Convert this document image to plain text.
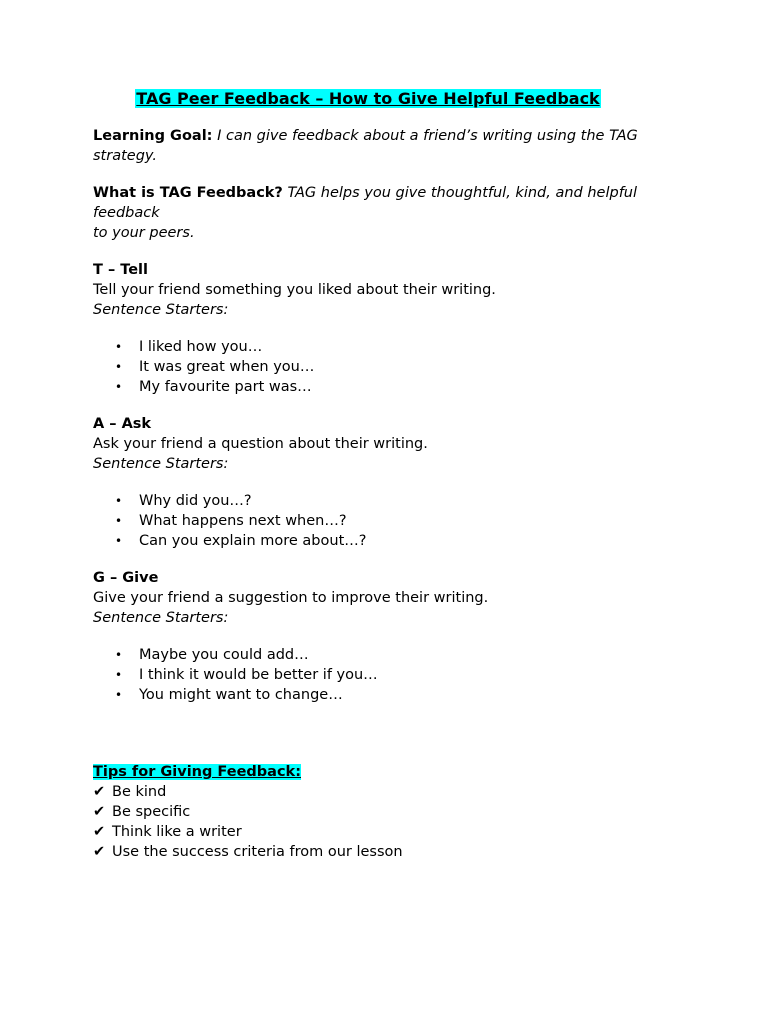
TAG Peer Feedback – How to Give Helpful Feedback

Learning Goal: I can give feedback about a friend’s writing using the TAG strategy.

What is TAG Feedback? TAG helps you give thoughtful, kind, and helpful feedback
to your peers.

T – Tell
Tell your friend something you liked about their writing.
Sentence Starters:
• I liked how you…
• It was great when you…
• My favourite part was…
A – Ask
Ask your friend a question about their writing.
Sentence Starters:
• Why did you…?
• What happens next when…?
• Can you explain more about…?
G – Give
Give your friend a suggestion to improve their writing.
Sentence Starters:
• Maybe you could add…
• I think it would be better if you…
• You might want to change…
Tips for Giving Feedback:
✔ Be kind
✔ Be specific
✔ Think like a writer
✔ Use the success criteria from our lesson
